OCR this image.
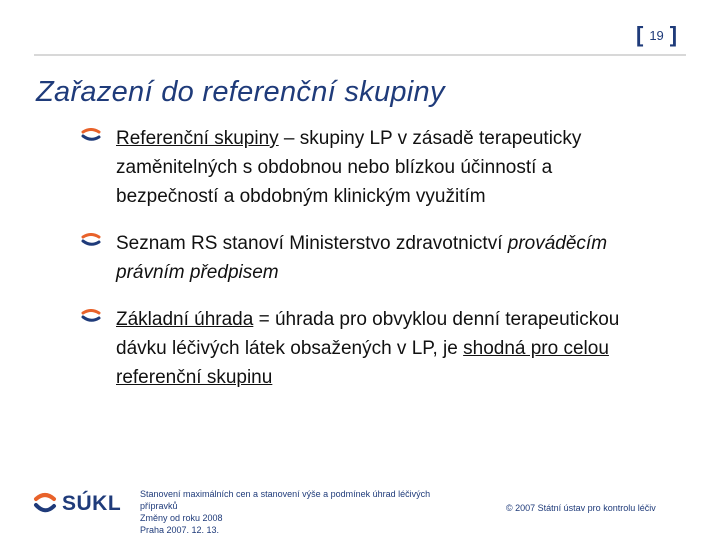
[ 19 ]
Zařazení do referenční skupiny
Referenční skupiny – skupiny LP v zásadě terapeuticky zaměnitelných s obdobnou nebo blízkou účinností a bezpečností a obdobným klinickým využitím
Seznam RS stanoví Ministerstvo zdravotnictví prováděcím právním předpisem
Základní úhrada = úhrada pro obvyklou denní terapeutickou dávku léčivých látek obsažených v LP, je shodná pro celou referenční skupinu
SÚKL Stanovení maximálních cen a stanovení výše a podmínek úhrad léčivých
přípravků
Změny od roku 2008
Praha 2007. 12. 13.
© 2007 Státní ústav pro kontrolu léčiv
